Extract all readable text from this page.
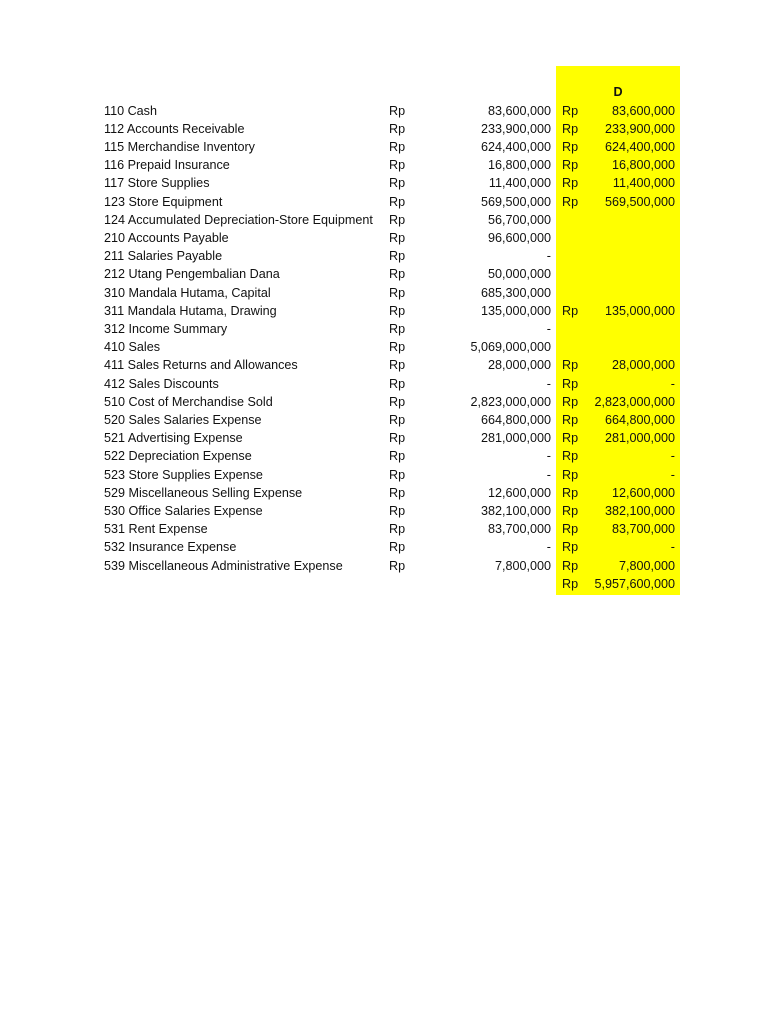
D
110 Cash	Rp	83,600,000 Rp	83,600,000
112 Accounts Receivable	Rp	233,900,000 Rp 233,900,000
115 Merchandise Inventory	Rp	624,400,000 Rp 624,400,000
116 Prepaid Insurance	Rp	16,800,000 Rp	16,800,000
117 Store Supplies	Rp	11,400,000 Rp	11,400,000
123 Store Equipment	Rp	569,500,000 Rp 569,500,000
124 Accumulated Depreciation-Store Equipment Rp	56,700,000
210 Accounts Payable	Rp	96,600,000
211 Salaries Payable	Rp	-
212 Utang Pengembalian Dana	Rp	50,000,000
310 Mandala Hutama, Capital	Rp	685,300,000
311 Mandala Hutama, Drawing	Rp	135,000,000 Rp 135,000,000
312 Income Summary	Rp	-
410 Sales	Rp	5,069,000,000
411 Sales Returns and Allowances	Rp	28,000,000 Rp	28,000,000
412 Sales Discounts	Rp	- Rp	-
510 Cost of Merchandise Sold	Rp	2,823,000,000 Rp 2,823,000,000
520 Sales Salaries Expense	Rp	664,800,000 Rp 664,800,000
521 Advertising Expense	Rp	281,000,000 Rp 281,000,000
522 Depreciation Expense	Rp	- Rp	-
523 Store Supplies Expense	Rp	- Rp	-
529 Miscellaneous Selling Expense	Rp	12,600,000 Rp	12,600,000
530 Office Salaries Expense	Rp	382,100,000 Rp 382,100,000
531 Rent Expense	Rp	83,700,000 Rp	83,700,000
532 Insurance Expense	Rp	- Rp	-
539 Miscellaneous Administrative Expense	Rp	7,800,000 Rp	7,800,000
Rp 5,957,600,000
